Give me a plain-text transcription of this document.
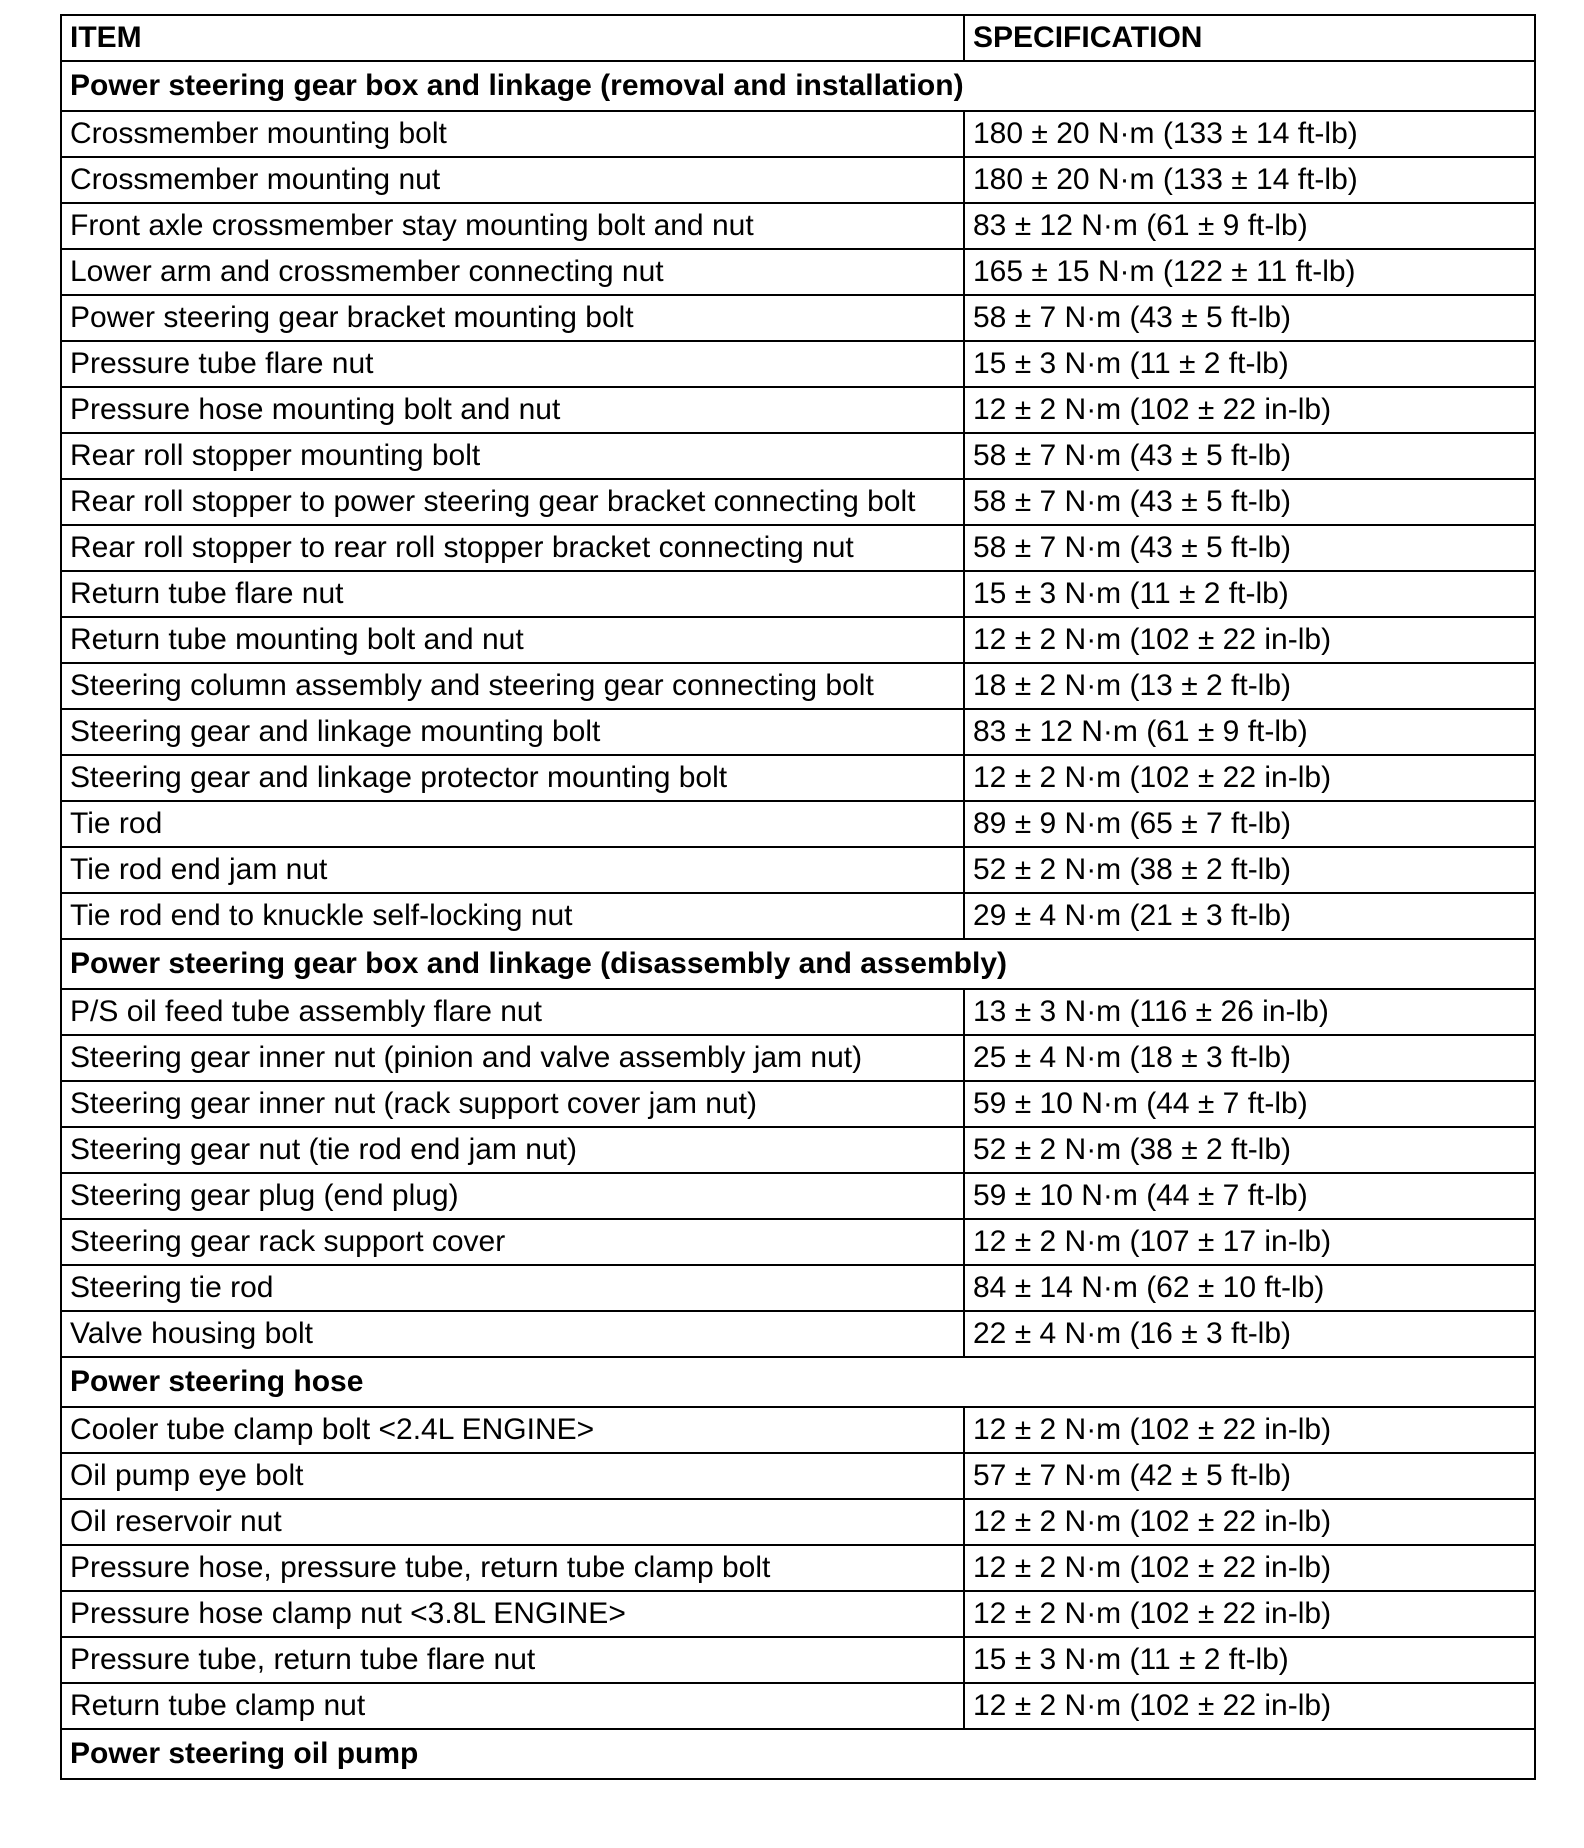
ITEM	SPECIFICATION
Power steering gear box and linkage (removal and installation)	
Crossmember mounting bolt	180 ± 20 N·m (133 ± 14 ft-lb)
Crossmember mounting nut	180 ± 20 N·m (133 ± 14 ft-lb)
Front axle crossmember stay mounting bolt and nut	83 ± 12 N·m (61 ± 9 ft-lb)
Lower arm and crossmember connecting nut	165 ± 15 N·m (122 ± 11 ft-lb)
Power steering gear bracket mounting bolt	58 ± 7 N·m (43 ± 5 ft-lb)
Pressure tube flare nut	15 ± 3 N·m (11 ± 2 ft-lb)
Pressure hose mounting bolt and nut	12 ± 2 N·m (102 ± 22 in-lb)
Rear roll stopper mounting bolt	58 ± 7 N·m (43 ± 5 ft-lb)
Rear roll stopper to power steering gear bracket connecting bolt	58 ± 7 N·m (43 ± 5 ft-lb)
Rear roll stopper to rear roll stopper bracket connecting nut	58 ± 7 N·m (43 ± 5 ft-lb)
Return tube flare nut	15 ± 3 N·m (11 ± 2 ft-lb)
Return tube mounting bolt and nut	12 ± 2 N·m (102 ± 22 in-lb)
Steering column assembly and steering gear connecting bolt	18 ± 2 N·m (13 ± 2 ft-lb)
Steering gear and linkage mounting bolt	83 ± 12 N·m (61 ± 9 ft-lb)
Steering gear and linkage protector mounting bolt	12 ± 2 N·m (102 ± 22 in-lb)
Tie rod	89 ± 9 N·m (65 ± 7 ft-lb)
Tie rod end jam nut	52 ± 2 N·m (38 ± 2 ft-lb)
Tie rod end to knuckle self-locking nut	29 ± 4 N·m (21 ± 3 ft-lb)
Power steering gear box and linkage (disassembly and assembly)	
P/S oil feed tube assembly flare nut	13 ± 3 N·m (116 ± 26 in-lb)
Steering gear inner nut (pinion and valve assembly jam nut)	25 ± 4 N·m (18 ± 3 ft-lb)
Steering gear inner nut (rack support cover jam nut)	59 ± 10 N·m (44 ± 7 ft-lb)
Steering gear nut (tie rod end jam nut)	52 ± 2 N·m (38 ± 2 ft-lb)
Steering gear plug (end plug)	59 ± 10 N·m (44 ± 7 ft-lb)
Steering gear rack support cover	12 ± 2 N·m (107 ± 17 in-lb)
Steering tie rod	84 ± 14 N·m (62 ± 10 ft-lb)
Valve housing bolt	22 ± 4 N·m (16 ± 3 ft-lb)
Power steering hose	
Cooler tube clamp bolt <2.4L ENGINE>	12 ± 2 N·m (102 ± 22 in-lb)
Oil pump eye bolt	57 ± 7 N·m (42 ± 5 ft-lb)
Oil reservoir nut	12 ± 2 N·m (102 ± 22 in-lb)
Pressure hose, pressure tube, return tube clamp bolt	12 ± 2 N·m (102 ± 22 in-lb)
Pressure hose clamp nut <3.8L ENGINE>	12 ± 2 N·m (102 ± 22 in-lb)
Pressure tube, return tube flare nut	15 ± 3 N·m (11 ± 2 ft-lb)
Return tube clamp nut	12 ± 2 N·m (102 ± 22 in-lb)
Power steering oil pump	
